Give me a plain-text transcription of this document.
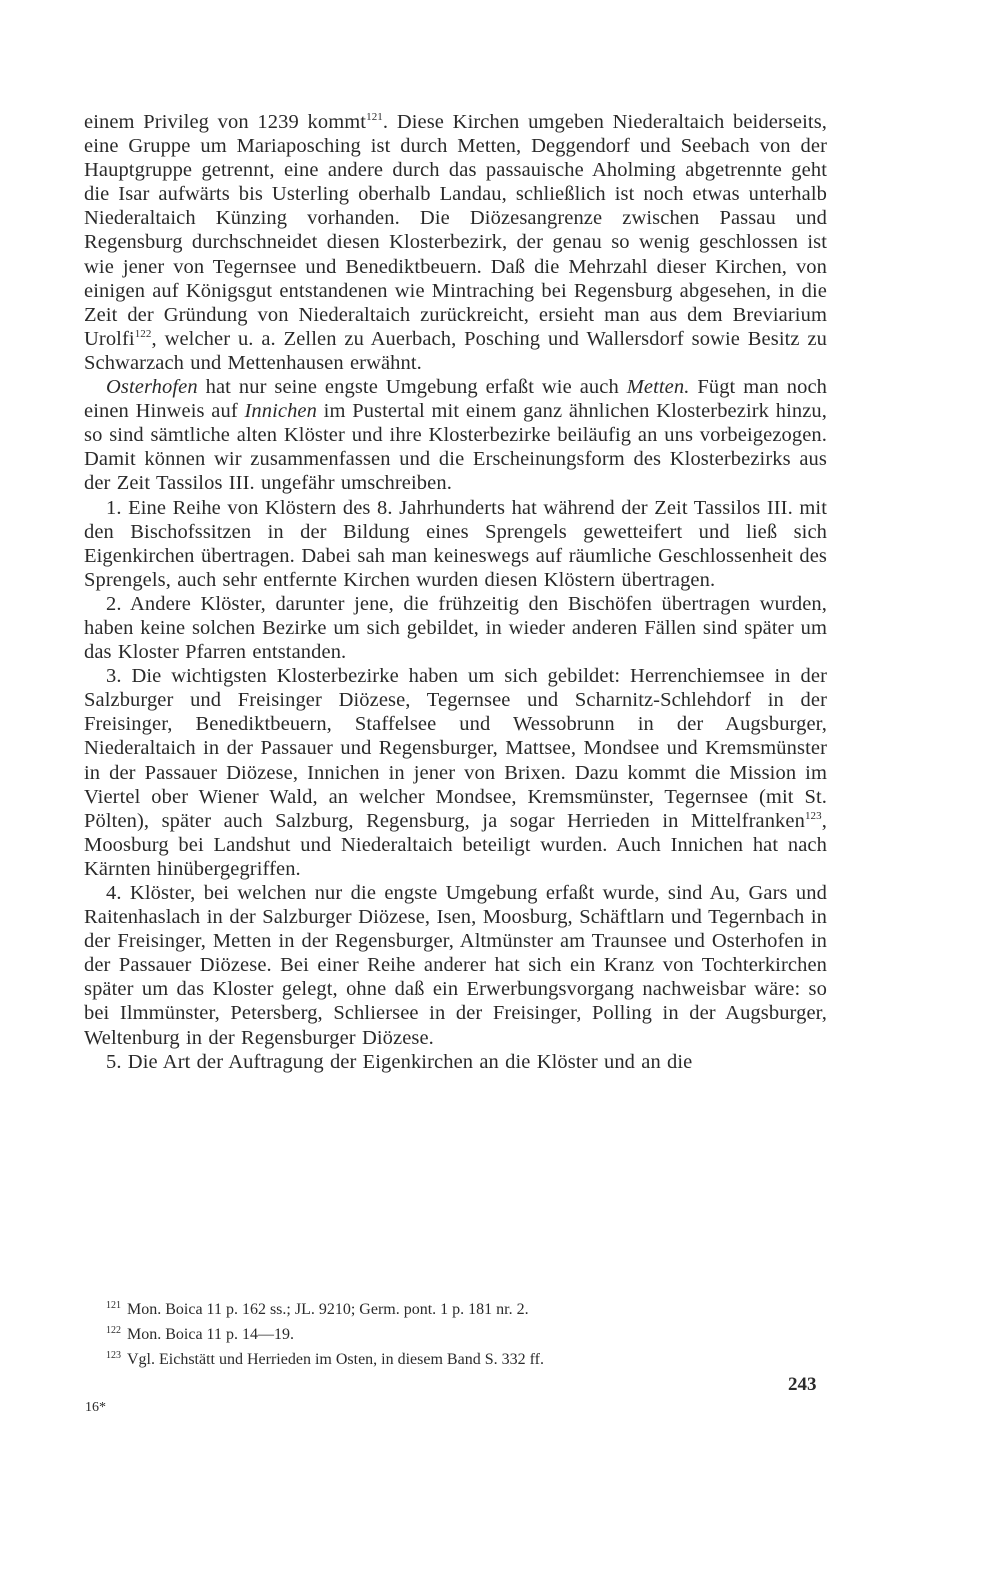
einem Privileg von 1239 kommt$^{121}$. Diese Kirchen umgeben Niederaltaich beiderseits, eine Gruppe um Mariaposching ist durch Metten, Deggendorf und Seebach von der Hauptgruppe getrennt, eine andere durch das passauische Aholming abgetrennte geht die Isar aufwärts bis Usterling oberhalb Landau, schließlich ist noch etwas unterhalb Niederaltaich Künzing vorhanden. Die Diözesangrenze zwischen Passau und Regensburg durchschneidet diesen Klosterbezirk, der genau so wenig geschlossen ist wie jener von Tegernsee und Benediktbeuern. Daß die Mehrzahl dieser Kirchen, von einigen auf Königsgut entstandenen wie Mintraching bei Regensburg abgesehen, in die Zeit der Gründung von Niederaltaich zurückreicht, ersieht man aus dem Breviarium Urolfi$^{122}$, welcher u. a. Zellen zu Auerbach, Posching und Wallersdorf sowie Besitz zu Schwarzach und Mettenhausen erwähnt.

Osterhofen hat nur seine engste Umgebung erfaßt wie auch Metten. Fügt man noch einen Hinweis auf Innichen im Pustertal mit einem ganz ähnlichen Klosterbezirk hinzu, so sind sämtliche alten Klöster und ihre Klosterbezirke beiläufig an uns vorbeigezogen. Damit können wir zusammenfassen und die Erscheinungsform des Klosterbezirks aus der Zeit Tassilos III. ungefähr umschreiben.

1. Eine Reihe von Klöstern des 8. Jahrhunderts hat während der Zeit Tassilos III. mit den Bischofssitzen in der Bildung eines Sprengels gewetteifert und ließ sich Eigenkirchen übertragen. Dabei sah man keineswegs auf räumliche Geschlossenheit des Sprengels, auch sehr entfernte Kirchen wurden diesen Klöstern übertragen.

2. Andere Klöster, darunter jene, die frühzeitig den Bischöfen übertragen wurden, haben keine solchen Bezirke um sich gebildet, in wieder anderen Fällen sind später um das Kloster Pfarren entstanden.

3. Die wichtigsten Klosterbezirke haben um sich gebildet: Herrenchiemsee in der Salzburger und Freisinger Diözese, Tegernsee und Scharnitz-Schlehdorf in der Freisinger, Benediktbeuern, Staffelsee und Wessobrunn in der Augsburger, Niederaltaich in der Passauer und Regensburger, Mattsee, Mondsee und Kremsmünster in der Passauer Diözese, Innichen in jener von Brixen. Dazu kommt die Mission im Viertel ober Wiener Wald, an welcher Mondsee, Kremsmünster, Tegernsee (mit St. Pölten), später auch Salzburg, Regensburg, ja sogar Herrieden in Mittelfranken$^{123}$, Moosburg bei Landshut und Niederaltaich beteiligt wurden. Auch Innichen hat nach Kärnten hinübergegriffen.

4. Klöster, bei welchen nur die engste Umgebung erfaßt wurde, sind Au, Gars und Raitenhaslach in der Salzburger Diözese, Isen, Moosburg, Schäftlarn und Tegernbach in der Freisinger, Metten in der Regensburger, Altmünster am Traunsee und Osterhofen in der Passauer Diözese. Bei einer Reihe anderer hat sich ein Kranz von Tochterkirchen später um das Kloster gelegt, ohne daß ein Erwerbungsvorgang nachweisbar wäre: so bei Ilmmünster, Petersberg, Schliersee in der Freisinger, Polling in der Augsburger, Weltenburg in der Regensburger Diözese.

5. Die Art der Auftragung der Eigenkirchen an die Klöster und an die

$^{121}$ Mon. Boica 11 p. 162 ss.; JL. 9210; Germ. pont. 1 p. 181 nr. 2.
$^{122}$ Mon. Boica 11 p. 14—19.
$^{123}$ Vgl. Eichstätt und Herrieden im Osten, in diesem Band S. 332 ff.
243
16*
